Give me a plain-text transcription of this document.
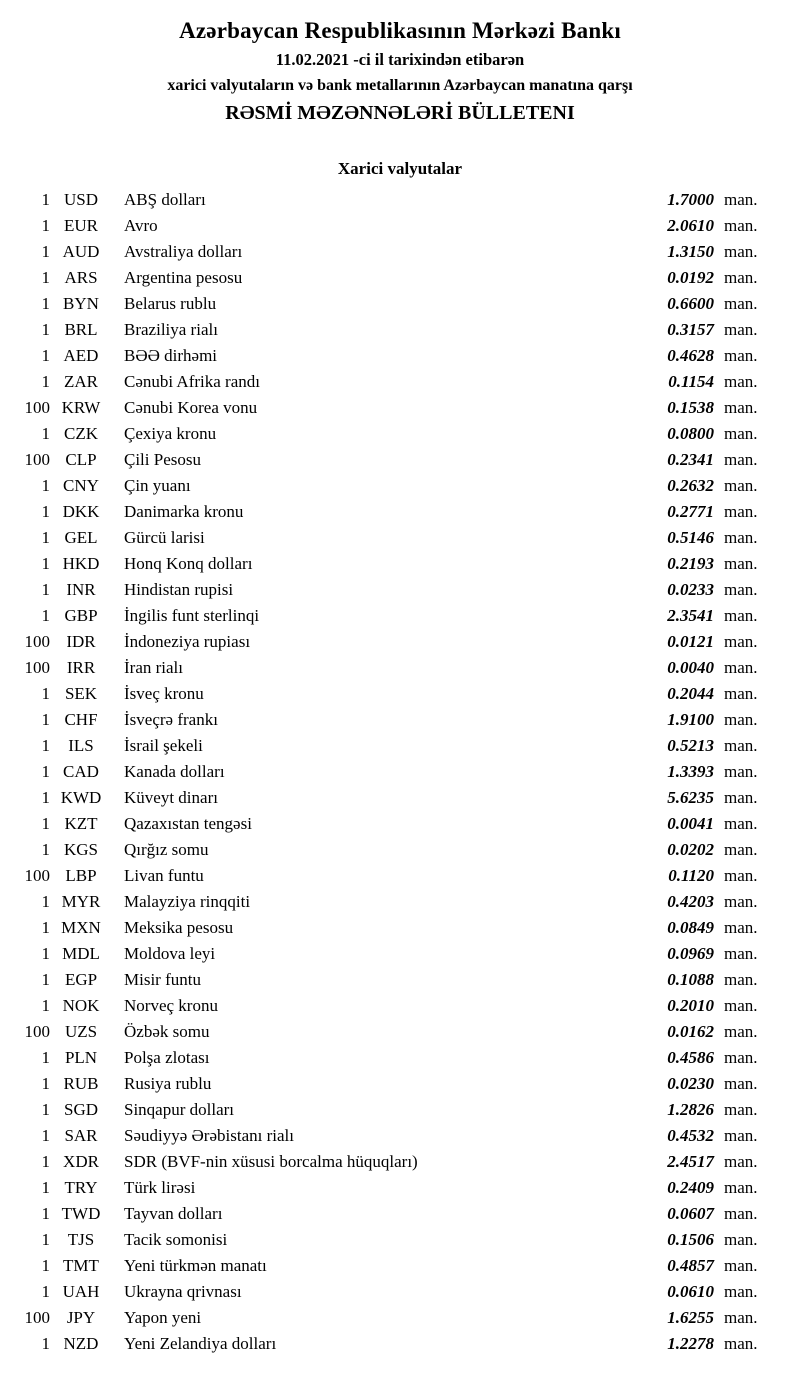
Azərbaycan Respublikasının Mərkəzi Bankı
11.02.2021 -ci il tarixindən etibarən
xarici valyutaların və bank metallarının Azərbaycan manatına qarşı
RƏSMİ MƏZƏNNƏLƏRİ BÜLLETENI
Xarici valyutalar
1	USD	ABŞ dolları	1.7000	man.
1	EUR	Avro	2.0610	man.
1	AUD	Avstraliya dolları	1.3150	man.
1	ARS	Argentina pesosu	0.0192	man.
1	BYN	Belarus rublu	0.6600	man.
1	BRL	Braziliya rialı	0.3157	man.
1	AED	BƏƏ dirhəmi	0.4628	man.
1	ZAR	Cənubi Afrika randı	0.1154	man.
100	KRW	Cənubi Korea vonu	0.1538	man.
1	CZK	Çexiya kronu	0.0800	man.
100	CLP	Çili Pesosu	0.2341	man.
1	CNY	Çin yuanı	0.2632	man.
1	DKK	Danimarka kronu	0.2771	man.
1	GEL	Gürcü larisi	0.5146	man.
1	HKD	Honq Konq dolları	0.2193	man.
1	INR	Hindistan rupisi	0.0233	man.
1	GBP	İngilis funt sterlinqi	2.3541	man.
100	IDR	İndoneziya rupiası	0.0121	man.
100	IRR	İran rialı	0.0040	man.
1	SEK	İsveç kronu	0.2044	man.
1	CHF	İsveçrə frankı	1.9100	man.
1	ILS	İsrail şekeli	0.5213	man.
1	CAD	Kanada dolları	1.3393	man.
1	KWD	Küveyt dinarı	5.6235	man.
1	KZT	Qazaxıstan tengəsi	0.0041	man.
1	KGS	Qırğız somu	0.0202	man.
100	LBP	Livan funtu	0.1120	man.
1	MYR	Malayziya rinqqiti	0.4203	man.
1	MXN	Meksika pesosu	0.0849	man.
1	MDL	Moldova leyi	0.0969	man.
1	EGP	Misir funtu	0.1088	man.
1	NOK	Norveç kronu	0.2010	man.
100	UZS	Özbək somu	0.0162	man.
1	PLN	Polşa zlotası	0.4586	man.
1	RUB	Rusiya rublu	0.0230	man.
1	SGD	Sinqapur dolları	1.2826	man.
1	SAR	Səudiyyə Ərəbistanı rialı	0.4532	man.
1	XDR	SDR (BVF-nin xüsusi borcalma hüquqları)	2.4517	man.
1	TRY	Türk lirəsi	0.2409	man.
1	TWD	Tayvan dolları	0.0607	man.
1	TJS	Tacik somonisi	0.1506	man.
1	TMT	Yeni türkmən manatı	0.4857	man.
1	UAH	Ukrayna qrivnası	0.0610	man.
100	JPY	Yapon yeni	1.6255	man.
1	NZD	Yeni Zelandiya dolları	1.2278	man.
